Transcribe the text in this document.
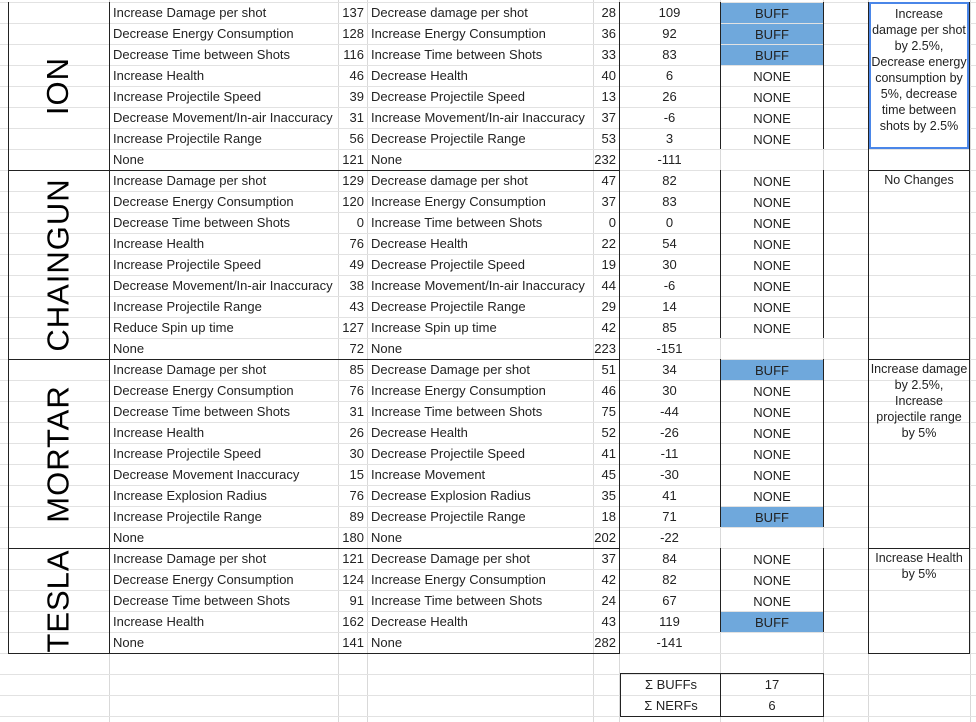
ION
Increase Damage per shot	137 Decrease damage per shot	28	109	BUFF
Decrease Energy Consumption	128 Increase Energy Consumption	36	92	BUFF
Decrease Time between Shots	116 Increase Time between Shots	33	83	BUFF
Increase Health	46 Decrease Health	40	6	NONE
Increase Projectile Speed	39 Decrease Projectile Speed	13	26	NONE
Decrease Movement/In-air Inaccuracy	31 Increase Movement/In-air Inaccuracy	37	-6	NONE
Increase Projectile Range	56 Decrease Projectile Range	53	3	NONE
None	121 None	232	-111
CHAINGUN	Increase Damage per shot	129 Decrease damage per shot	47	82	NONE
Decrease Energy Consumption	120 Increase Energy Consumption	37	83	NONE
Decrease Time between Shots	0 Increase Time between Shots	0	0	NONE
Increase Health	76 Decrease Health	22	54	NONE
Increase Projectile Speed	49 Decrease Projectile Speed	19	30	NONE
Decrease Movement/In-air Inaccuracy	38 Increase Movement/In-air Inaccuracy	44	-6	NONE
Increase Projectile Range	43 Decrease Projectile Range	29	14	NONE
Reduce Spin up time	127 Increase Spin up time	42	85	NONE
None	72 None	223	-151
MORTAR
Increase Damage per shot	85 Decrease Damage per shot	51	34	BUFF
Decrease Energy Consumption	76 Increase Energy Consumption	46	30	NONE
Decrease Time between Shots	31 Increase Time between Shots	75	-44	NONE
Increase Health	26 Decrease Health	52	-26	NONE
Increase Projectile Speed	30 Decrease Projectile Speed	41	-11	NONE
Decrease Movement Inaccuracy	15 Increase Movement	45	-30	NONE
Increase Explosion Radius	76 Decrease Explosion Radius	35	41	NONE
Increase Projectile Range	89 Decrease Projectile Range	18	71	BUFF
None	180 None	202	-22
TESLA	Increase Damage per shot	121 Decrease Damage per shot	37	84	NONE
Decrease Energy Consumption	124 Increase Energy Consumption	42	82	NONE
Decrease Time between Shots	91 Increase Time between Shots	24	67	NONE
Increase Health	162 Decrease Health	43	119	BUFF
None	141 None	282	-141
Increase damage per shot by 2.5%, Decrease energy consumption by 5%, decrease time between shots by 2.5%
No Changes
Increase damage by 2.5%, Increase projectile range by 5%
Increase Health by 5%
Σ BUFFs	17
Σ NERFs	6
